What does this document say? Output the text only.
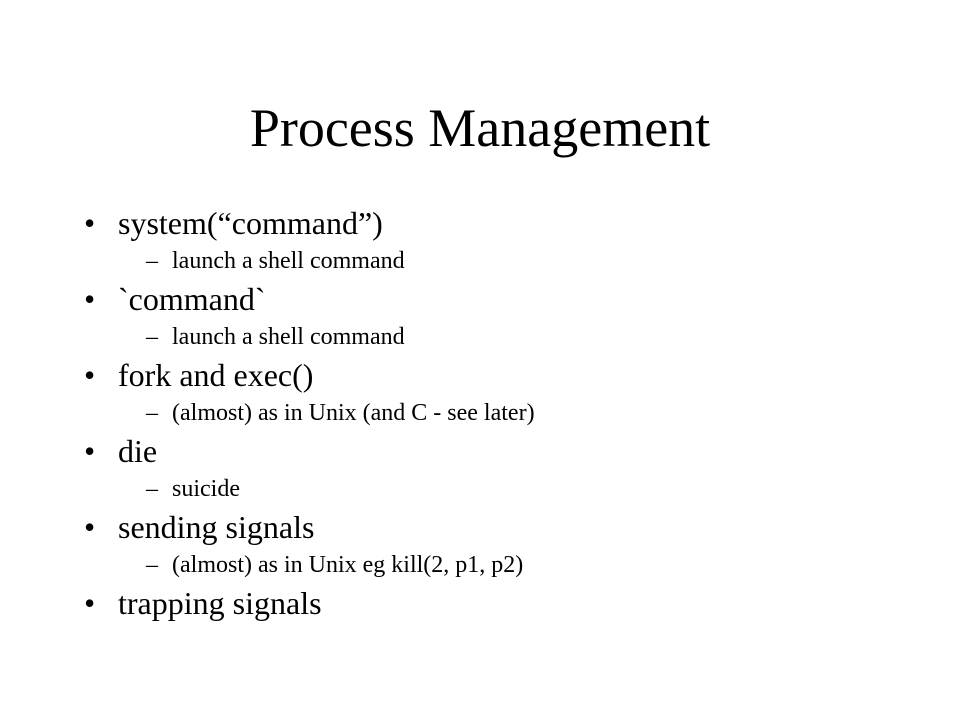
Process Management
• system(“command”)
– launch a shell command
• `command`
– launch a shell command
• fork and exec()
– (almost) as in Unix (and C - see later)
• die
– suicide
• sending signals
– (almost) as in Unix eg kill(2, p1, p2)
• trapping signals
